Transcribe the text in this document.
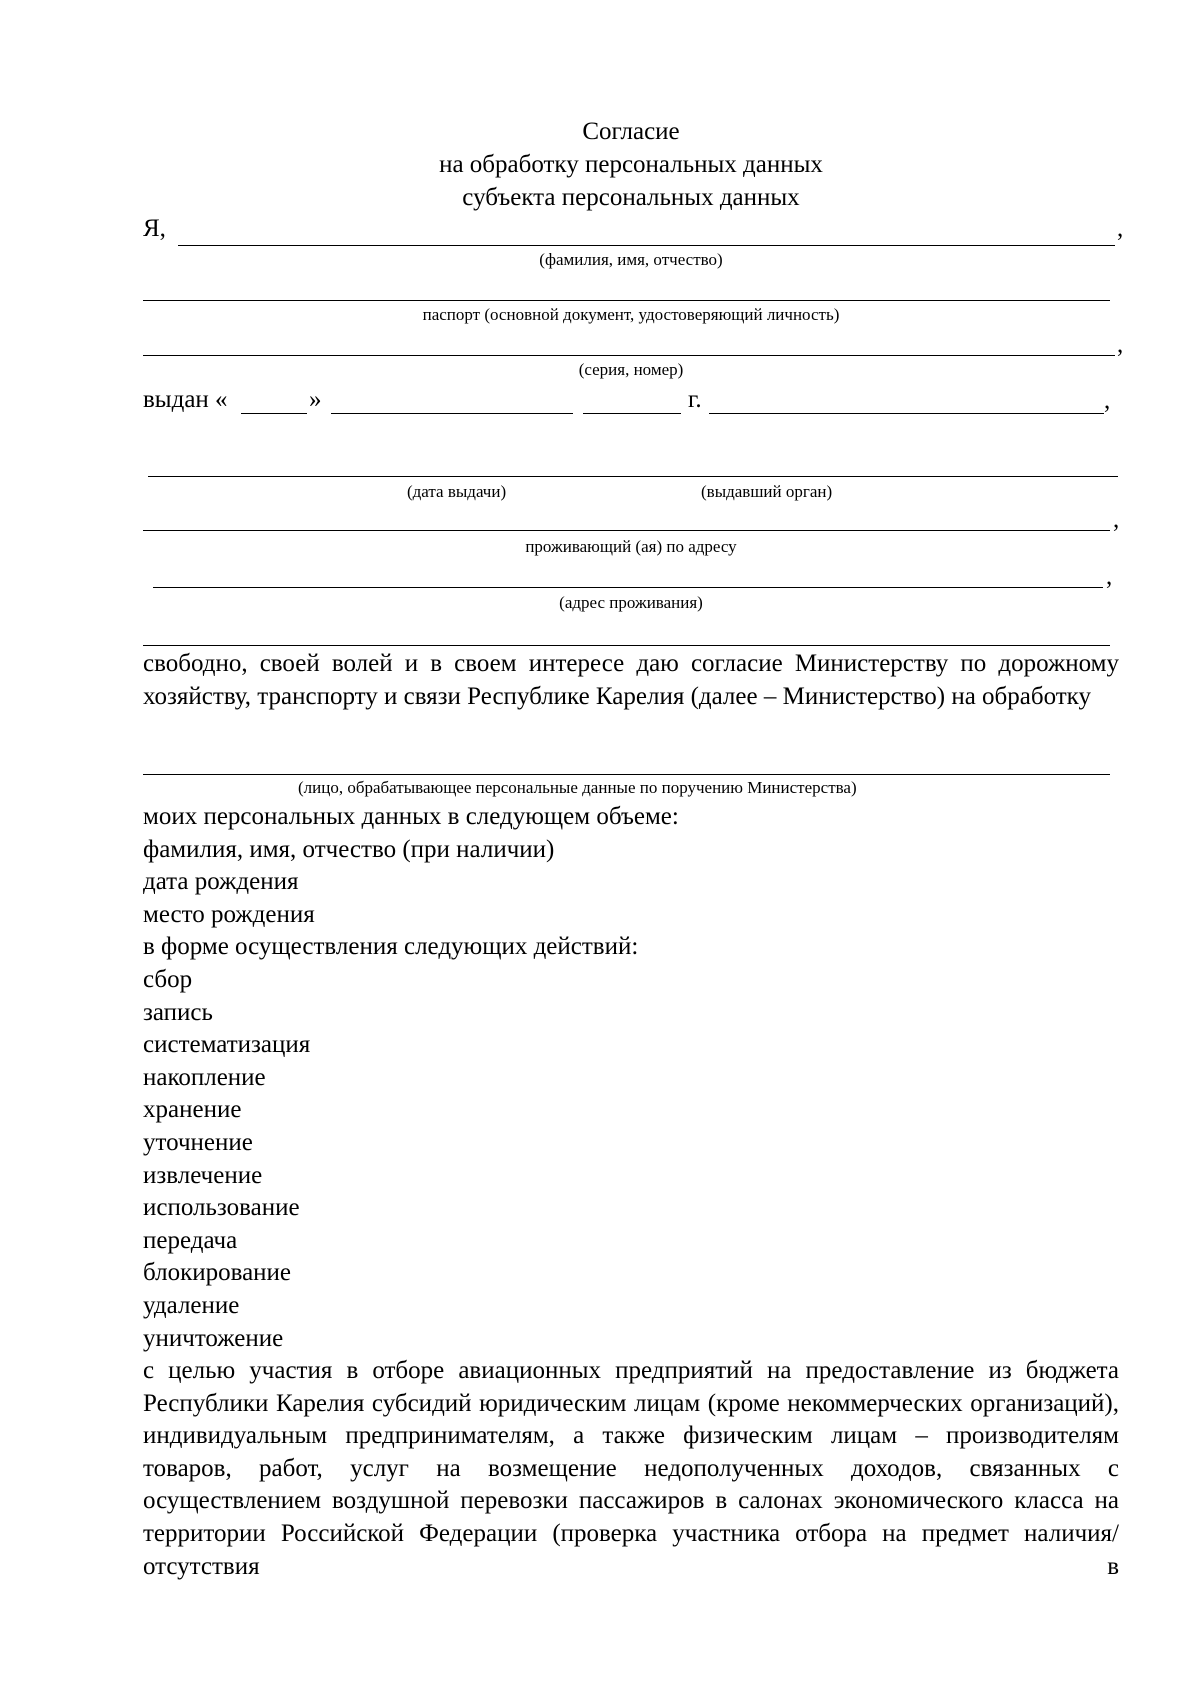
Согласие
на обработку персональных данных
субъекта персональных данных
Я,	,
(фамилия, имя, отчество)
паспорт (основной документ, удостоверяющий личность)
,
(серия, номер)
выдан «	»	г.	,
(дата выдачи)	(выдавший орган)
,
проживающий (ая) по адресу
,
(адрес проживания)
свободно, своей волей и в своем интересе даю согласие Министерству по дорожному хозяйству, транспорту и связи Республике Карелия (далее – Министерство) на обработку
(лицо, обрабатывающее персональные данные по поручению Министерства)
моих персональных данных в следующем объеме:
фамилия, имя, отчество (при наличии)
дата рождения
место рождения
в форме осуществления следующих действий:
сбор
запись
систематизация
накопление
хранение
уточнение
извлечение
использование
передача
блокирование
удаление
уничтожение
с целью участия в отборе авиационных предприятий на предоставление из бюджета Республики Карелия субсидий юридическим лицам (кроме некоммерческих организаций), индивидуальным предпринимателям, а также физическим лицам – производителям товаров, работ, услуг на возмещение недополученных доходов, связанных с осуществлением воздушной перевозки пассажиров в салонах экономического класса на территории Российской Федерации (проверка участника отбора на предмет наличия/отсутствия в
